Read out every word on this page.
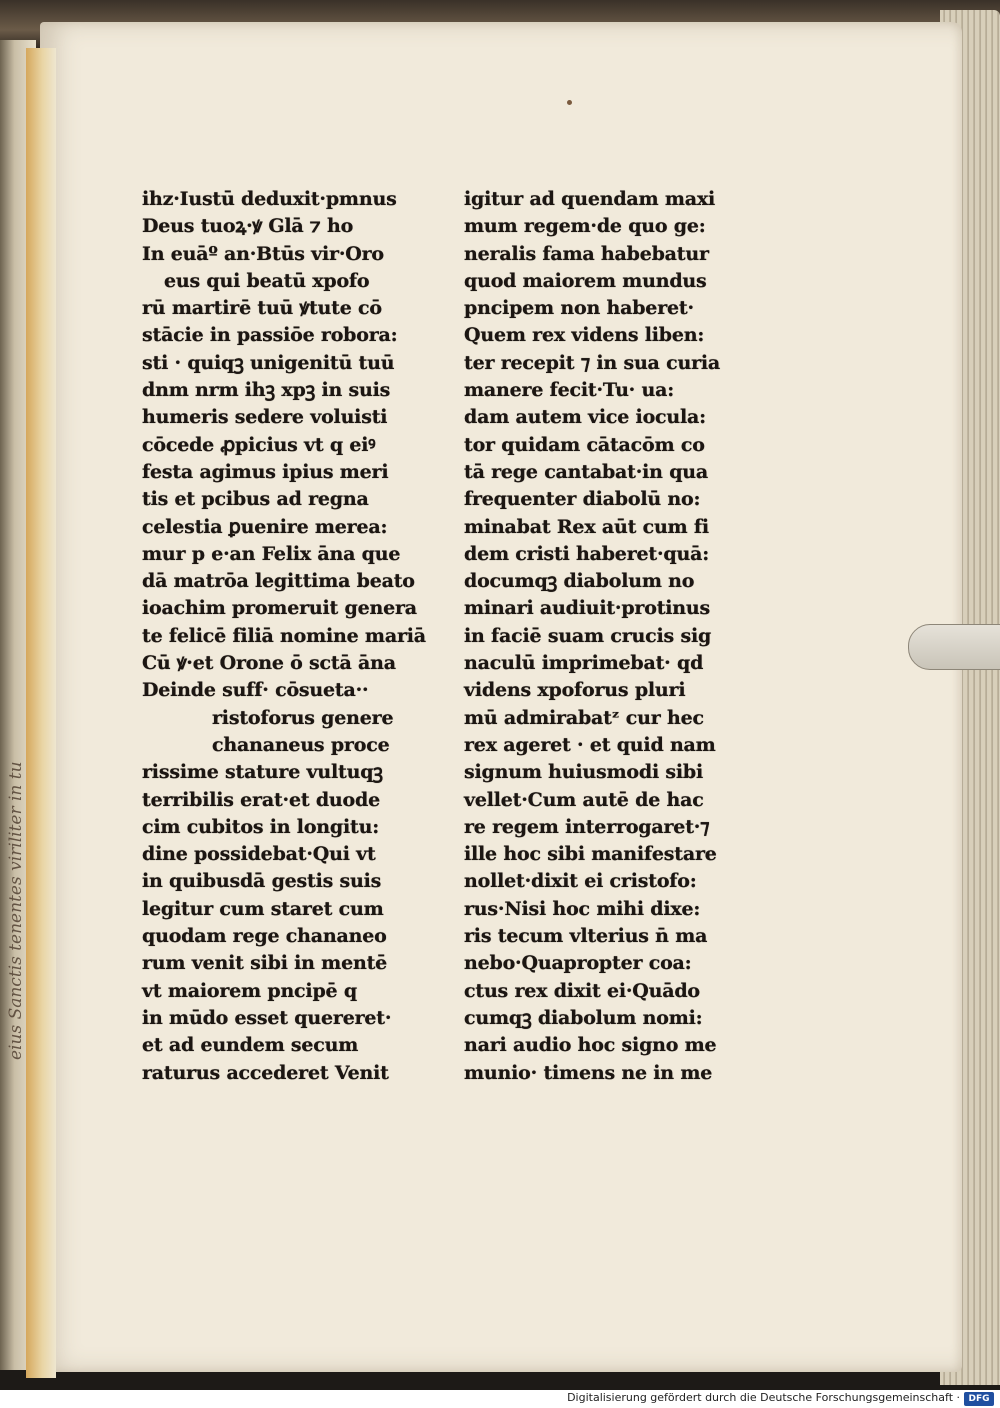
eius Sanctis tenentes viriliter in tu
ihz·Iustū deduxit·pmnus
Deus tuoꝝ·ꝟ Glā ⁊ ho
In euāº an·Btūs vir·Oro
eus qui beatū xpofo
rū martirē tuū ꝟtute cō
stācie in passiōe robora:
sti · quiqꝫ unigenitū tuū
dnm nrm ihꝫ xpꝫ in suis
humeris sedere voluisti
cōcede ꝓpicius vt q eiꝰ
festa agimus ipius meri
tis et pcibus ad regna
celestia ꝑuenire merea:
mur p e·an Felix āna que
dā matrōa legittima beato
ioachim promeruit genera
te felicē filiā nomine mariā
Cū ꝟ·et Orone ō sctā āna
Deinde suff· cōsueta··
ristoforus genere
chananeus proce
rissime stature vultuqꝫ
terribilis erat·et duode
cim cubitos in longitu:
dine possidebat·Qui vt
in quibusdā gestis suis
legitur cum staret cum
quodam rege chananeo
rum venit sibi in mentē
vt maiorem pncipē q
in mūdo esset quereret·
et ad eundem secum
raturus accederet Venit
igitur ad quendam maxi
mum regem·de quo ge:
neralis fama habebatur
quod maiorem mundus
pncipem non haberet·
Quem rex videns liben:
ter recepit ⁊ in sua curia
manere fecit·Tu· ua:
dam autem vice iocula:
tor quidam cātacōm co
tā rege cantabat·in qua
frequenter diabolū no:
minabat Rex aūt cum fi
dem cristi haberet·quā:
documqꝫ diabolum no
minari audiuit·protinus
in faciē suam crucis sig
naculū imprimebat· qd
videns xpoforus pluri
mū admirabatᶻ cur hec
rex ageret · et quid nam
signum huiusmodi sibi
vellet·Cum autē de hac
re regem interrogaret·⁊
ille hoc sibi manifestare
nollet·dixit ei cristofo:
rus·Nisi hoc mihi dixe:
ris tecum vlterius n̄ ma
nebo·Quapropter coa:
ctus rex dixit ei·Quādo
cumqꝫ diabolum nomi:
nari audio hoc signo me
munio· timens ne in me
Digitalisierung gefördert durch die Deutsche Forschungsgemeinschaft · DFG
